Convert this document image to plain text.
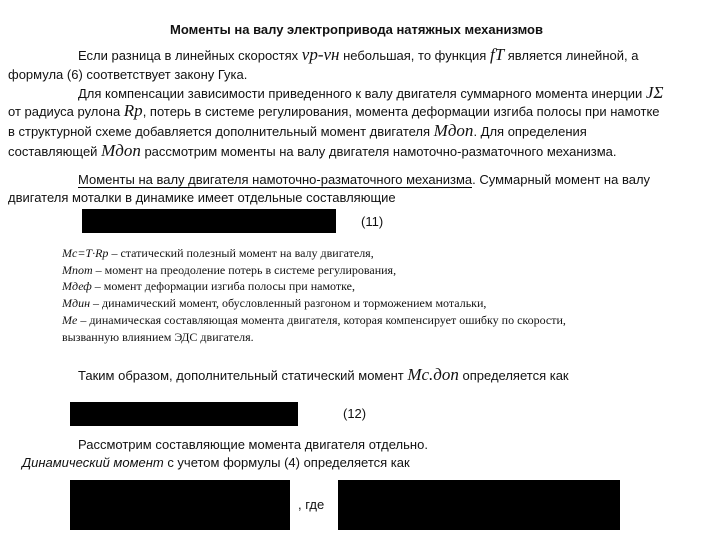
Моменты на валу электропривода натяжных механизмов
Если разница в линейных скоростях vр-vн небольшая, то функция fT является линейной, а
формула (6) соответствует закону Гука.
Для компенсации зависимости приведенного к валу двигателя суммарного момента инерции JΣ
от радиуса рулона Rp, потерь в системе регулирования, момента деформации изгиба полосы при намотке
в структурной схеме добавляется дополнительный момент двигателя Mдоп. Для определения
составляющей Mдоп рассмотрим моменты на валу двигателя намоточно-разматочного механизма.
Моменты на валу двигателя намоточно-разматочного механизма. Суммарный момент на валу
двигателя моталки в динамике имеет отдельные составляющие
(11)
Mc=T·Rp – статический полезный момент на валу двигателя,
Mпот – момент на преодоление потерь в системе регулирования,
Mдеф – момент деформации изгиба полосы при намотке,
Mдин – динамический момент, обусловленный разгоном и торможением мотальки,
Mе – динамическая составляющая момента двигателя, которая компенсирует ошибку по скорости,
вызванную влиянием ЭДС двигателя.
Таким образом, дополнительный статический момент Mс.доп определяется как
(12)
Рассмотрим составляющие момента двигателя отдельно.
Динамический момент с учетом формулы (4) определяется как
, где
